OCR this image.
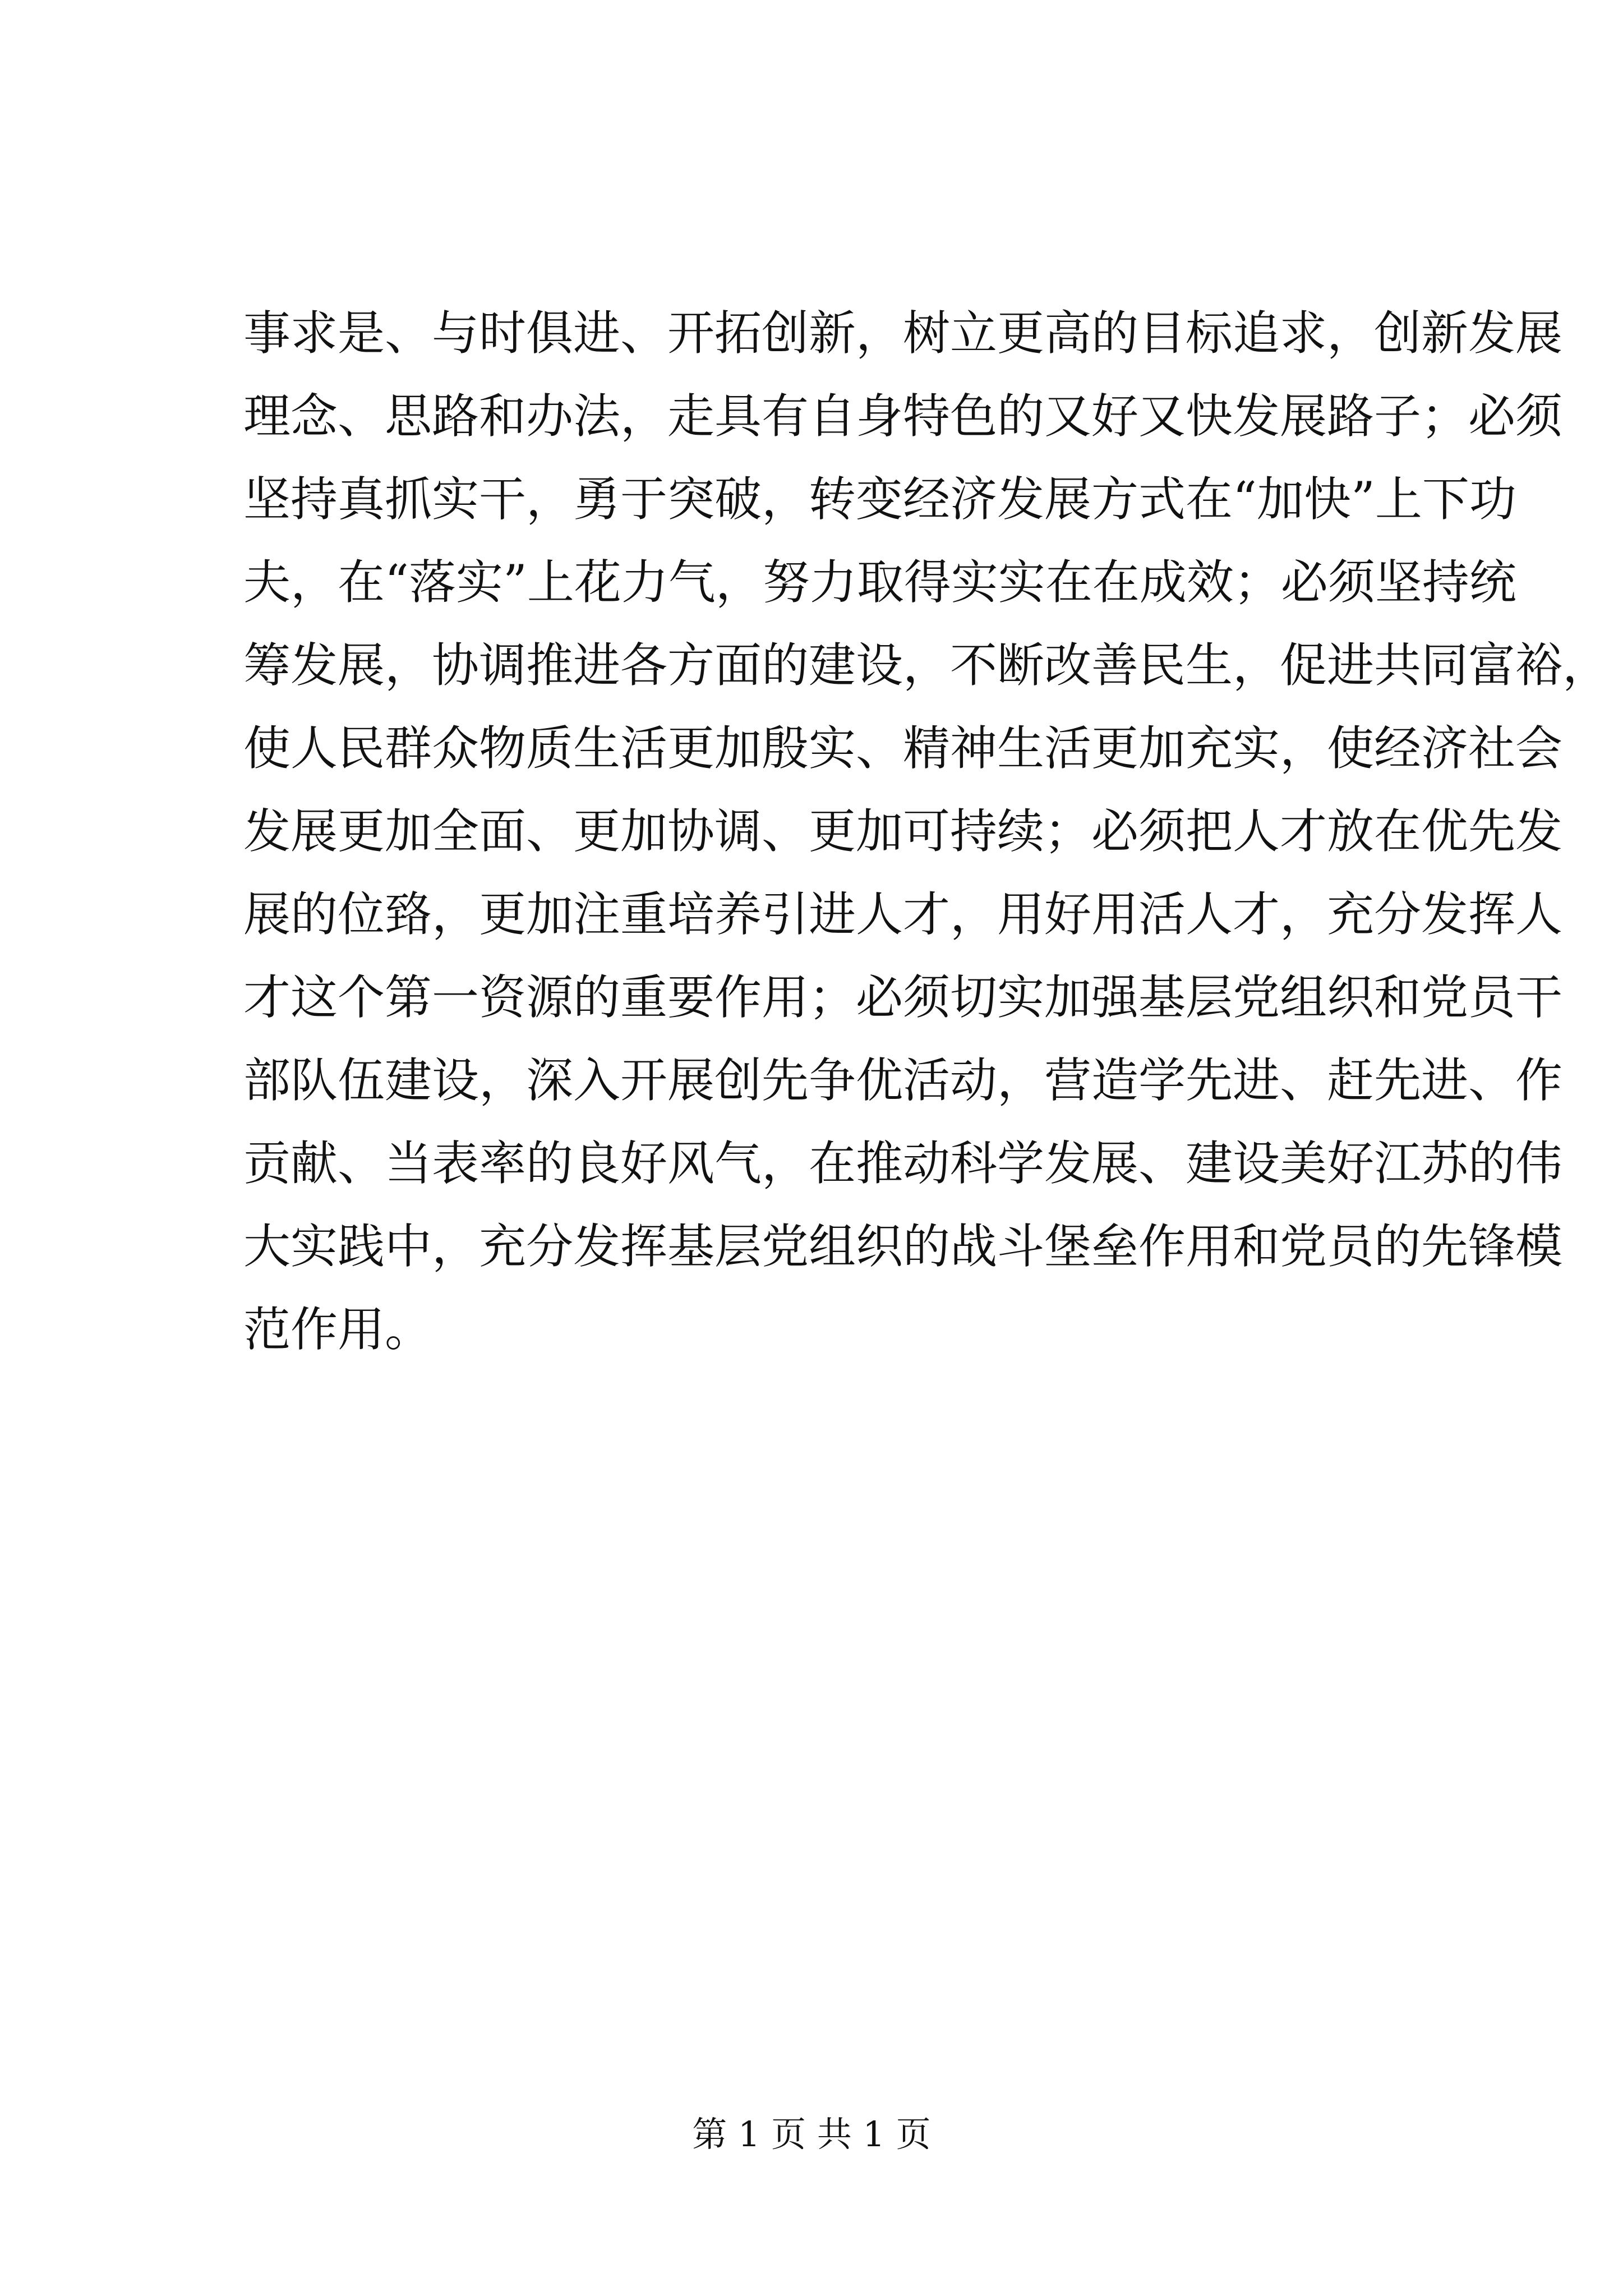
事求是、与时俱进、开拓创新，树立更高的目标追求，创新发展
理念、思路和办法，走具有自身特色的又好又快发展路子；必须
坚持真抓实干，勇于突破，转变经济发展方式在“加快”上下功
夫，在“落实”上花力气，努力取得实实在在成效；必须坚持统
筹发展，协调推进各方面的建设，不断改善民生，促进共同富裕，
使人民群众物质生活更加殷实、精神生活更加充实，使经济社会
发展更加全面、更加协调、更加可持续；必须把人才放在优先发
展的位臵，更加注重培养引进人才，用好用活人才，充分发挥人
才这个第一资源的重要作用；必须切实加强基层党组织和党员干
部队伍建设，深入开展创先争优活动，营造学先进、赶先进、作
贡献、当表率的良好风气，在推动科学发展、建设美好江苏的伟
大实践中，充分发挥基层党组织的战斗堡垒作用和党员的先锋模
范作用。
第 1 页 共 1 页
